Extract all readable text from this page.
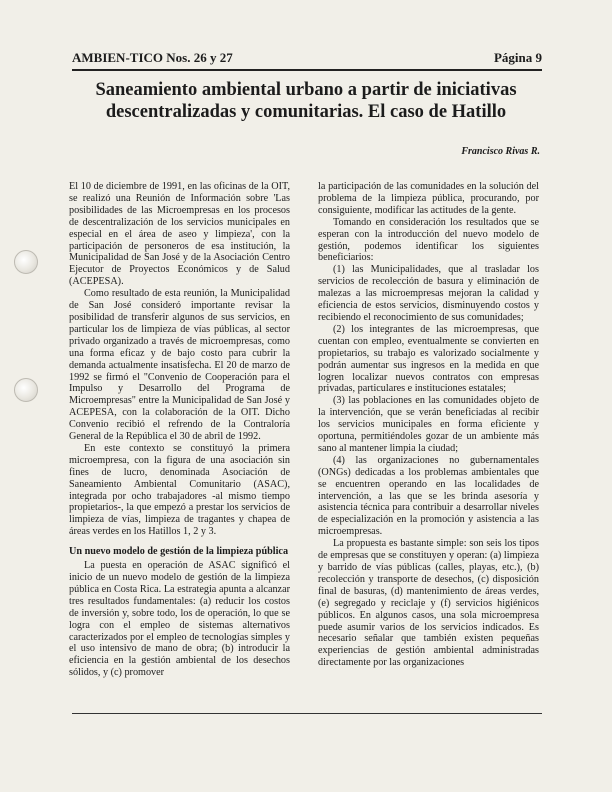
AMBIEN-TICO Nos. 26 y 27	Página 9
Saneamiento ambiental urbano a partir de iniciativas descentralizadas y comunitarias. El caso de Hatillo
Francisco Rivas R.

El 10 de diciembre de 1991, en las oficinas de la OIT, se realizó una Reunión de Información sobre 'Las posibilidades de las Microempresas en los procesos de descentralización de los servicios municipales en especial en el área de aseo y limpieza', con la participación de personeros de esa institución, la Municipalidad de San José y de la Asociación Centro Ejecutor de Proyectos Económicos y de Salud (ACEPESA).

Como resultado de esta reunión, la Municipalidad de San José consideró importante revisar la posibilidad de transferir algunos de sus servicios, en particular los de limpieza de vías públicas, al sector privado organizado a través de microempresas, como una forma eficaz y de bajo costo para cubrir la demanda actualmente insatisfecha. El 20 de marzo de 1992 se firmó el "Convenio de Cooperación para el Impulso y Desarrollo del Programa de Microempresas" entre la Municipalidad de San José y ACEPESA, con la colaboración de la OIT. Dicho Convenio recibió el refrendo de la Contraloría General de la República el 30 de abril de 1992.

En este contexto se constituyó la primera microempresa, con la figura de una asociación sin fines de lucro, denominada Asociación de Saneamiento Ambiental Comunitario (ASAC), integrada por ocho trabajadores -al mismo tiempo propietarios-, la que empezó a prestar los servicios de limpieza de vías, limpieza de tragantes y chapea de áreas verdes en los Hatillos 1, 2 y 3.

Un nuevo modelo de gestión de la limpieza pública

La puesta en operación de ASAC significó el inicio de un nuevo modelo de gestión de la limpieza pública en Costa Rica. La estrategia apunta a alcanzar tres resultados fundamentales: (a) reducir los costos de inversión y, sobre todo, los de operación, lo que se logra con el empleo de sistemas alternativos caracterizados por el empleo de tecnologías simples y el uso intensivo de mano de obra; (b) introducir la eficiencia en la gestión ambiental de los desechos sólidos, y (c) promover

la participación de las comunidades en la solución del problema de la limpieza pública, procurando, por consiguiente, modificar las actitudes de la gente.

Tomando en consideración los resultados que se esperan con la introducción del nuevo modelo de gestión, podemos identificar los siguientes beneficiarios:

(1) las Municipalidades, que al trasladar los servicios de recolección de basura y eliminación de malezas a las microempresas mejoran la calidad y eficiencia de estos servicios, disminuyendo costos y recibiendo el reconocimiento de sus comunidades;

(2) los integrantes de las microempresas, que cuentan con empleo, eventualmente se convierten en propietarios, su trabajo es valorizado socialmente y podrán aumentar sus ingresos en la medida en que logren localizar nuevos contratos con empresas privadas, particulares e instituciones estatales;

(3) las poblaciones en las comunidades objeto de la intervención, que se verán beneficiadas al recibir los servicios municipales en forma eficiente y oportuna, permitiéndoles gozar de un ambiente más sano al mantener limpia la ciudad;

(4) las organizaciones no gubernamentales (ONGs) dedicadas a los problemas ambientales que se encuentren operando en las localidades de intervención, a las que se les brinda asesoría y asistencia técnica para contribuir a desarrollar niveles de especialización en la promoción y asistencia a las microempresas.

La propuesta es bastante simple: son seis los tipos de empresas que se constituyen y operan: (a) limpieza y barrido de vías públicas (calles, playas, etc.), (b) recolección y transporte de desechos, (c) disposición final de basuras, (d) mantenimiento de áreas verdes, (e) segregado y reciclaje y (f) servicios higiénicos públicos. En algunos casos, una sola microempresa puede asumir varios de los servicios indicados. Es necesario señalar que también existen pequeñas experiencias de gestión ambiental administradas directamente por las organizaciones
